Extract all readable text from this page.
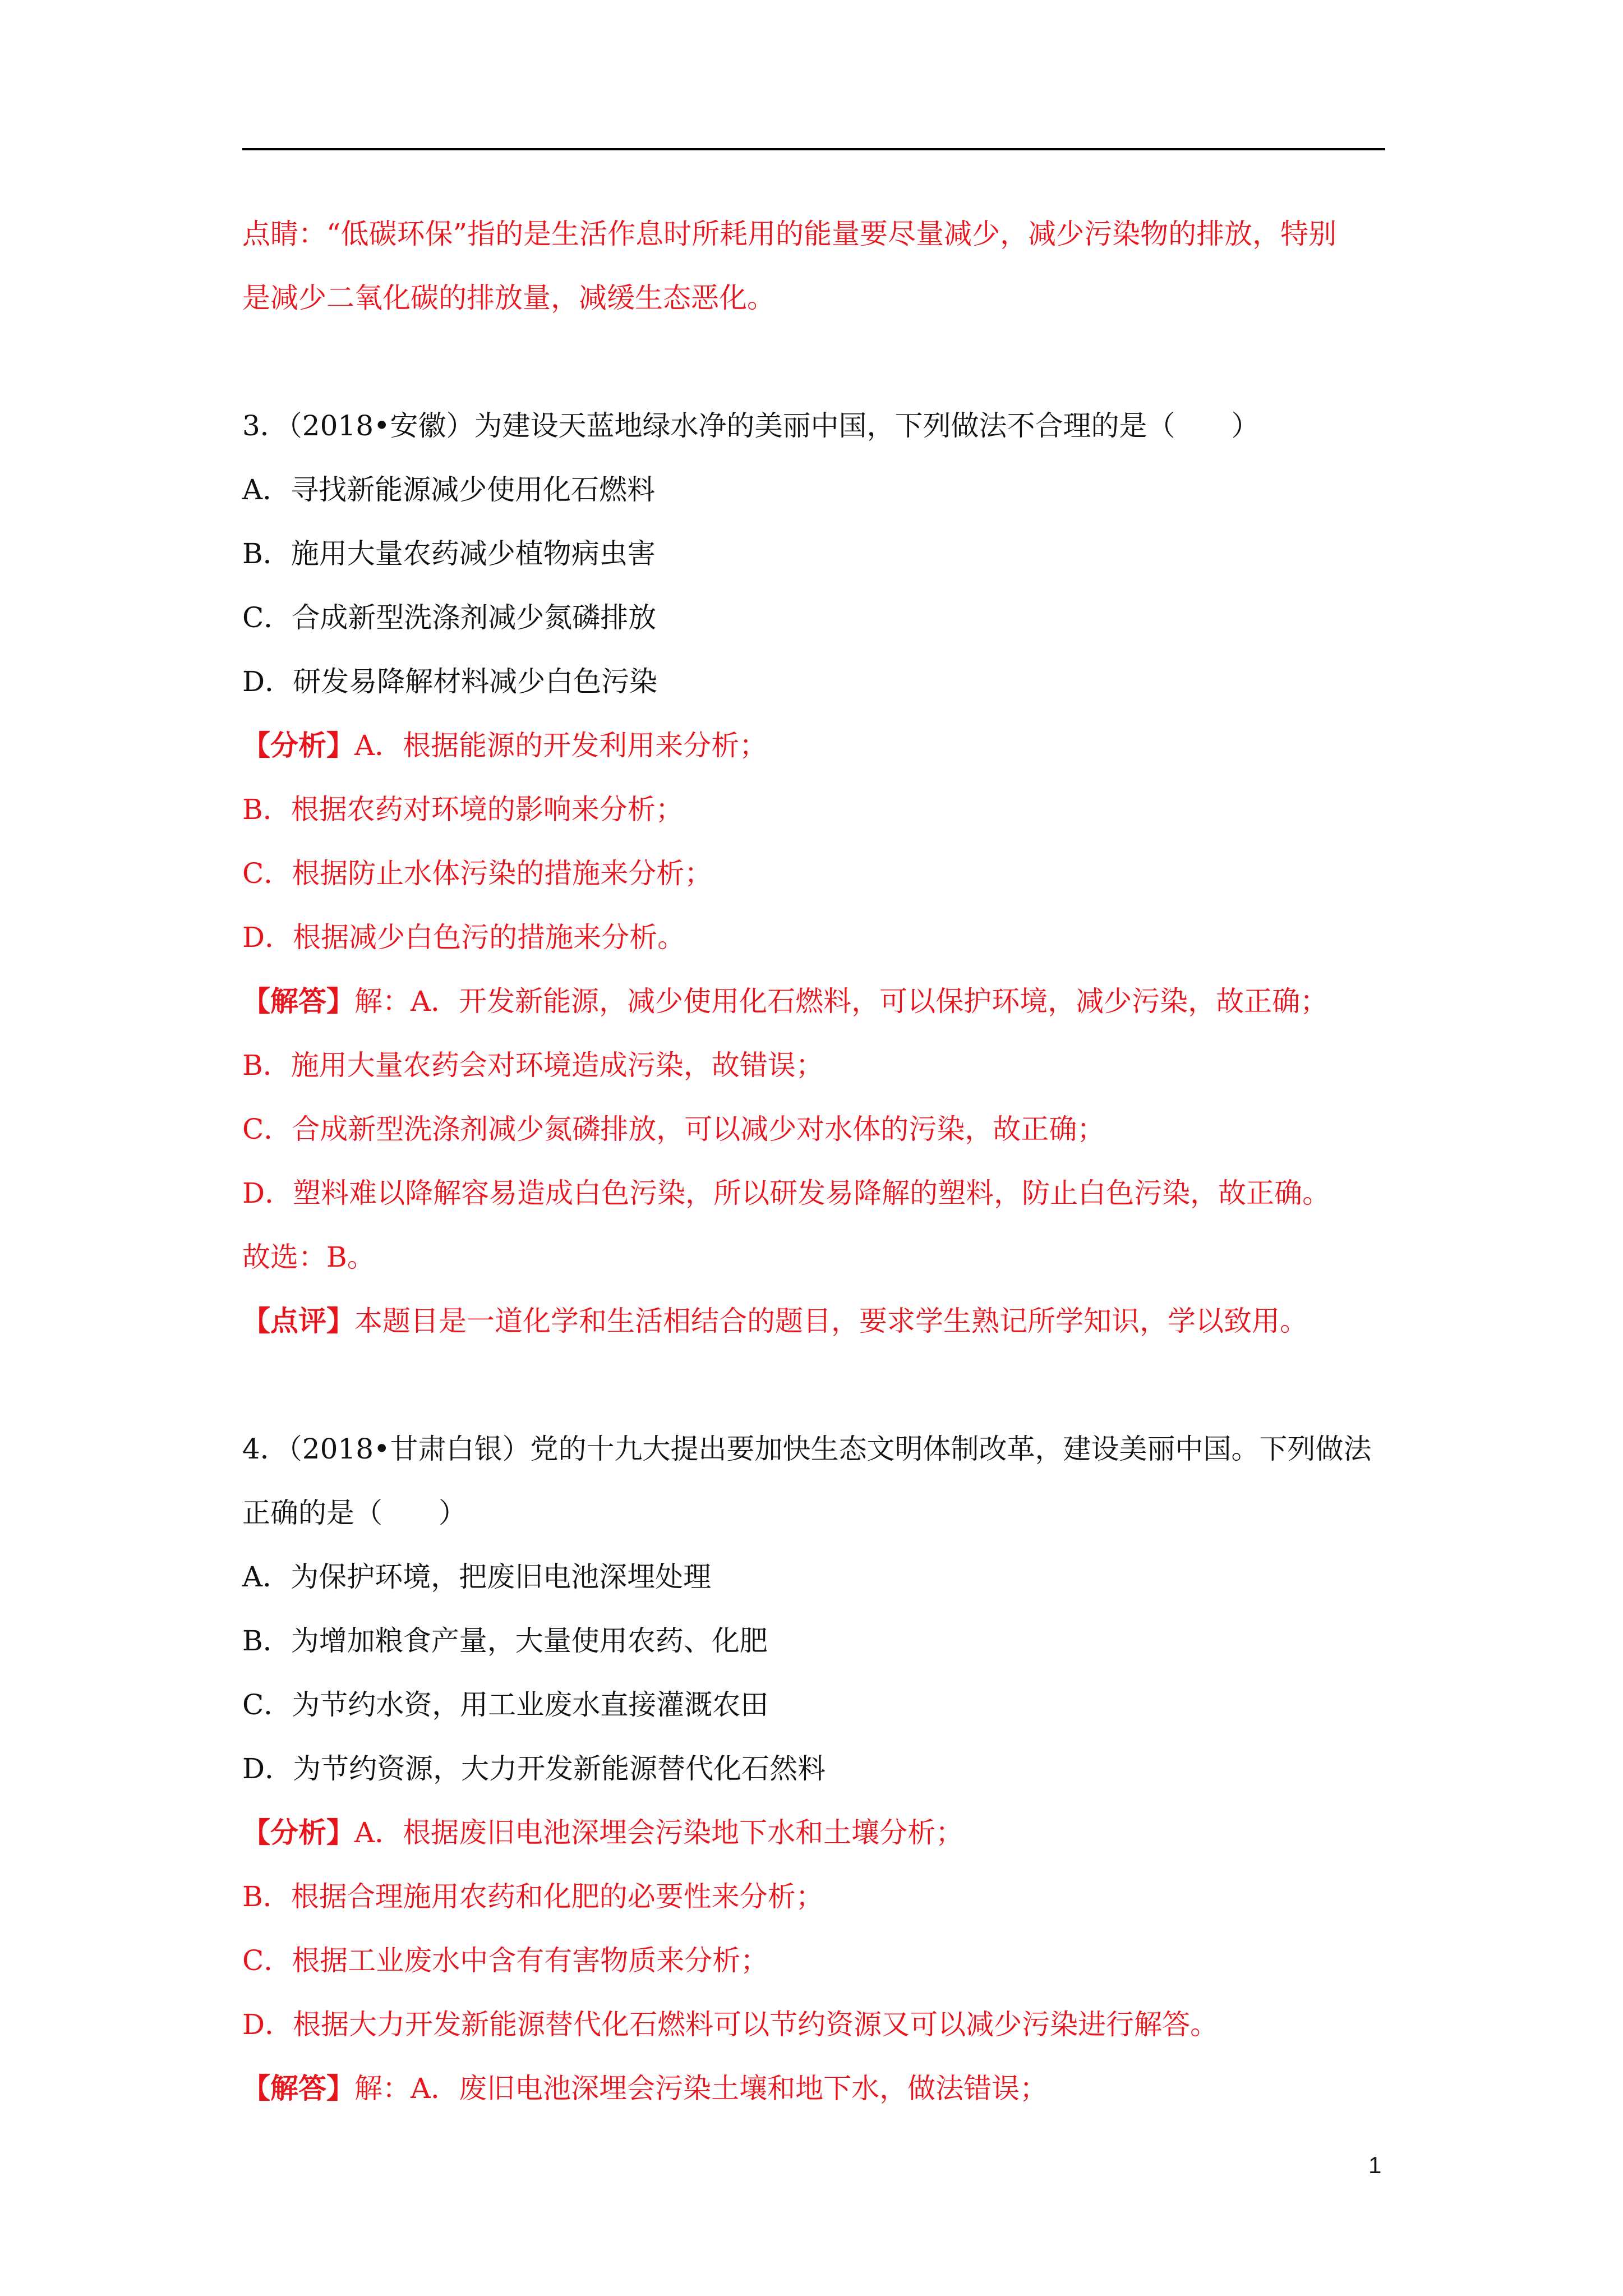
点睛：“低碳环保”指的是生活作息时所耗用的能量要尽量减少，减少污染物的排放，特别

是减少二氧化碳的排放量，减缓生态恶化。

3．（2018•安徽）为建设天蓝地绿水净的美丽中国，下列做法不合理的是（　　）

A．寻找新能源减少使用化石燃料

B．施用大量农药减少植物病虫害

C．合成新型洗涤剂减少氮磷排放

D．研发易降解材料减少白色污染

【分析】A．根据能源的开发利用来分析；

B．根据农药对环境的影响来分析；

C．根据防止水体污染的措施来分析；

D．根据减少白色污的措施来分析。

【解答】解：A．开发新能源，减少使用化石燃料，可以保护环境，减少污染，故正确；

B．施用大量农药会对环境造成污染，故错误；

C．合成新型洗涤剂减少氮磷排放，可以减少对水体的污染，故正确；

D．塑料难以降解容易造成白色污染，所以研发易降解的塑料，防止白色污染，故正确。

故选：B。

【点评】本题目是一道化学和生活相结合的题目，要求学生熟记所学知识，学以致用。

4．（2018•甘肃白银）党的十九大提出要加快生态文明体制改革，建设美丽中国。下列做法

正确的是（　　）

A．为保护环境，把废旧电池深埋处理

B．为增加粮食产量，大量使用农药、化肥

C．为节约水资，用工业废水直接灌溉农田

D．为节约资源，大力开发新能源替代化石然料

【分析】A．根据废旧电池深埋会污染地下水和土壤分析；

B．根据合理施用农药和化肥的必要性来分析；

C．根据工业废水中含有有害物质来分析；

D．根据大力开发新能源替代化石燃料可以节约资源又可以减少污染进行解答。

【解答】解：A．废旧电池深埋会污染土壤和地下水，做法错误；

1
